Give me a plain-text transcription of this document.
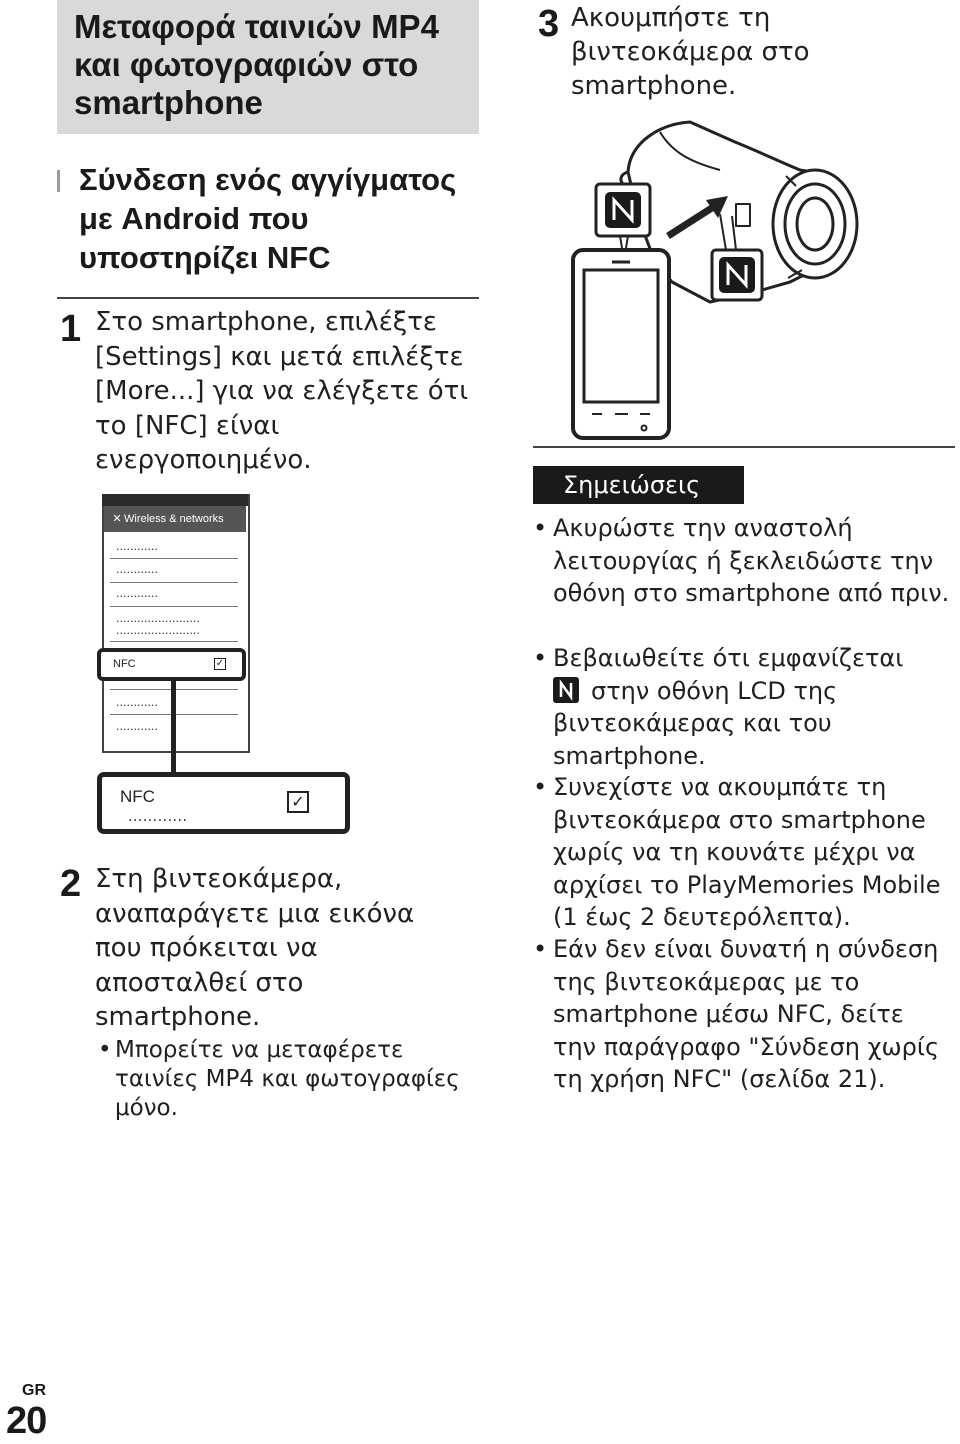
Μεταφορά ταινιών MP4 και φωτογραφιών στο smartphone
Σύνδεση ενός αγγίγματος με Android που υποστηρίζει NFC
1 Στο smartphone, επιλέξτε [Settings] και μετά επιλέξτε [More...] για να ελέγξετε ότι το [NFC] είναι ενεργοποιημένο.
✕ Wireless & networks
............
............
............
........................
........................
NFC	✓
............
............
NFC
............
✓
2 Στη βιντεοκάμερα, αναπαράγετε μια εικόνα που πρόκειται να αποσταλθεί στο smartphone.
• Μπορείτε να μεταφέρετε ταινίες MP4 και φωτογραφίες μόνο.
3 Ακουμπήστε τη βιντεοκάμερα στο smartphone.
Σημειώσεις
• Ακυρώστε την αναστολή λειτουργίας ή ξεκλειδώστε την οθόνη στο smartphone από πριν.
• Βεβαιωθείτε ότι εμφανίζεται

στην οθόνη LCD της βιντεοκάμερας και του smartphone.
• Συνεχίστε να ακουμπάτε τη βιντεοκάμερα στο smartphone χωρίς να τη κουνάτε μέχρι να αρχίσει το PlayMemories Mobile (1 έως 2 δευτερόλεπτα).
• Εάν δεν είναι δυνατή η σύνδεση της βιντεοκάμερας με το smartphone μέσω NFC, δείτε την παράγραφο "Σύνδεση χωρίς τη χρήση NFC" (σελίδα 21).
GR
20
